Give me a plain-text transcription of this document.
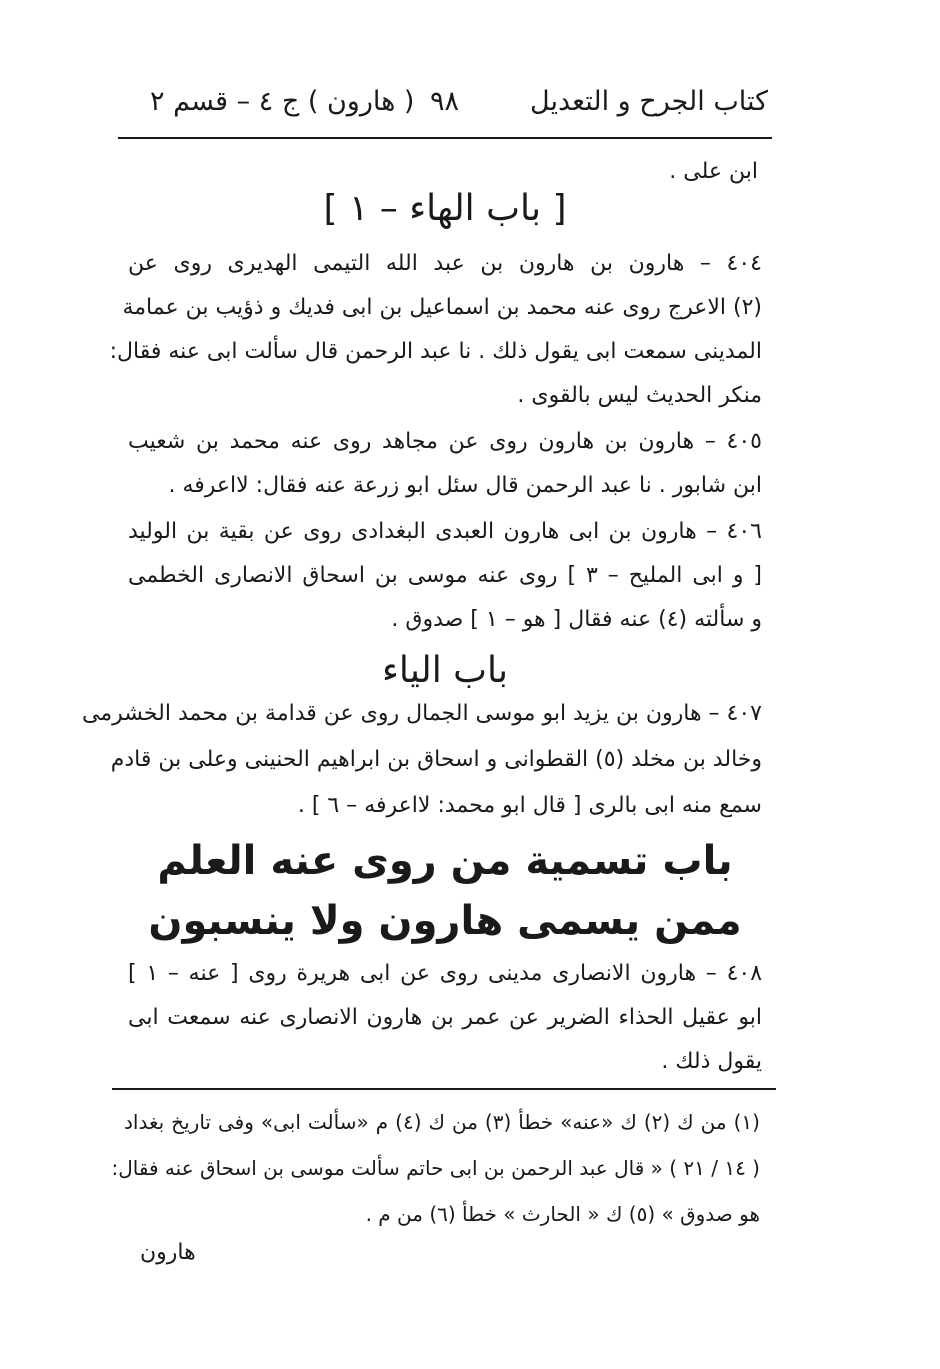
كتاب الجرح و التعديل
٩٨
( هارون ) ج ٤ – قسم ٢
ابن على .
[ باب الهاء – ١ ]
٤٠٤ – هارون بن هارون بن عبد الله التيمى الهديرى روى عن
(٢) الاعرج روى عنه محمد بن اسماعيل بن ابى فديك و ذؤيب بن عمامة
المدينى سمعت ابى يقول ذلك . نا عبد الرحمن قال سألت ابى عنه فقال:
منكر الحديث ليس بالقوى .
٤٠٥ – هارون بن هارون روى عن مجاهد روى عنه محمد بن شعيب
ابن شابور . نا عبد الرحمن قال سئل ابو زرعة عنه فقال: لااعرفه .
٤٠٦ – هارون بن ابى هارون العبدى البغدادى روى عن بقية بن الوليد
[ و ابى المليح – ٣ ] روى عنه موسى بن اسحاق الانصارى الخطمى
و سألته (٤) عنه فقال [ هو – ١ ] صدوق .
باب الياء
٤٠٧ – هارون بن يزيد ابو موسى الجمال روى عن قدامة بن محمد الخشرمى
وخالد بن مخلد (٥) القطوانى و اسحاق بن ابراهيم الحنينى وعلى بن قادم
سمع منه ابى بالرى [ قال ابو محمد: لااعرفه – ٦ ] .
باب تسمية من روى عنه العلم
ممن يسمى هارون ولا ينسبون
٤٠٨ – هارون الانصارى مدينى روى عن ابى هريرة روى [ عنه – ١ ]
ابو عقيل الحذاء الضرير عن عمر بن هارون الانصارى عنه سمعت ابى
يقول ذلك .
(١) من ك (٢) ك «عنه» خطأ (٣) من ك (٤) م «سألت ابى» وفى تاريخ بغداد
( ١٤ / ٢١ ) « قال عبد الرحمن بن ابى حاتم سألت موسى بن اسحاق عنه فقال:
هو صدوق » (٥) ك « الحارث » خطأ (٦) من م .
هارون
